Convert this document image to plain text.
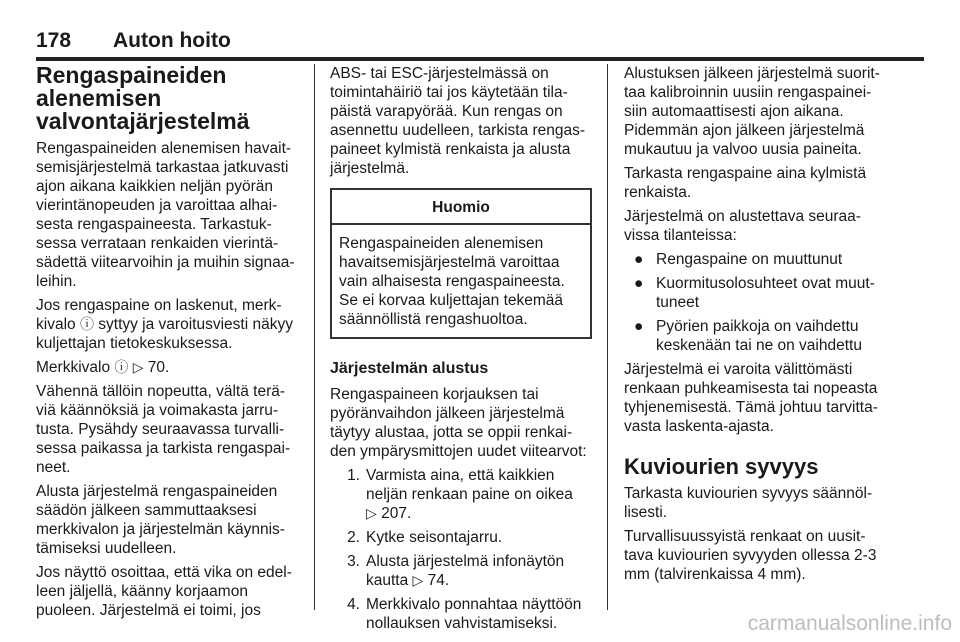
178 Auton hoito
Rengaspaineiden alenemisen valvontajärjestelmä

Rengaspaineiden alenemisen havaitsemisjärjestelmä tarkastaa jatkuvasti ajon aikana kaikkien neljän pyörän vierintänopeuden ja varoittaa alhaisesta rengaspaineesta. Tarkastuksessa verrataan renkaiden vierintäsädettä viitearvoihin ja muihin signaaleihin.

Jos rengaspaine on laskenut, merkkivalo ⓘ syttyy ja varoitusviesti näkyy kuljettajan tietokeskuksessa.

Merkkivalo ⓘ ▷ 70.

Vähennä tällöin nopeutta, vältä teräviä käännöksiä ja voimakasta jarrutusta. Pysähdy seuraavassa turvallisessa paikassa ja tarkista rengaspaineet.

Alusta järjestelmä rengaspaineiden säädön jälkeen sammuttaaksesi merkkivalon ja järjestelmän käynnistämiseksi uudelleen.

Jos näyttö osoittaa, että vika on edelleen jäljellä, käänny korjaamon puoleen. Järjestelmä ei toimi, jos

ABS- tai ESC-järjestelmässä on toimintahäiriö tai jos käytetään tilapäistä varapyörää. Kun rengas on asennettu uudelleen, tarkista rengaspaineet kylmistä renkaista ja alusta järjestelmä.

Huomio
Rengaspaineiden alenemisen havaitsemisjärjestelmä varoittaa vain alhaisesta rengaspaineesta. Se ei korvaa kuljettajan tekemää säännöllistä rengashuoltoa.
Järjestelmän alustus

Rengaspaineen korjauksen tai pyöränvaihdon jälkeen järjestelmä täytyy alustaa, jotta se oppii renkaiden ympärysmittojen uudet viitearvot:

1. Varmista aina, että kaikkien neljän renkaan paine on oikea
▷ 207.
2. Kytke seisontajarru.
3. Alusta järjestelmä infonäytön kautta ▷ 74.
4. Merkkivalo ponnahtaa näyttöön nollauksen vahvistamiseksi.

Alustuksen jälkeen järjestelmä suorittaa kalibroinnin uusiin rengaspaineisiin automaattisesti ajon aikana. Pidemmän ajon jälkeen järjestelmä mukautuu ja valvoo uusia paineita.

Tarkasta rengaspaine aina kylmistä renkaista.

Järjestelmä on alustettava seuraavissa tilanteissa:

● Rengaspaine on muuttunut
● Kuormitusolosuhteet ovat muuttuneet
● Pyörien paikkoja on vaihdettu keskenään tai ne on vaihdettu

Järjestelmä ei varoita välittömästi renkaan puhkeamisesta tai nopeasta tyhjenemisestä. Tämä johtuu tarvittavasta laskenta-ajasta.

Kuviourien syvyys

Tarkasta kuviourien syvyys säännöllisesti.

Turvallisuussyistä renkaat on uusittava kuviourien syvyyden ollessa 2-3 mm (talvirenkaissa 4 mm).

carmanualsonline.info
